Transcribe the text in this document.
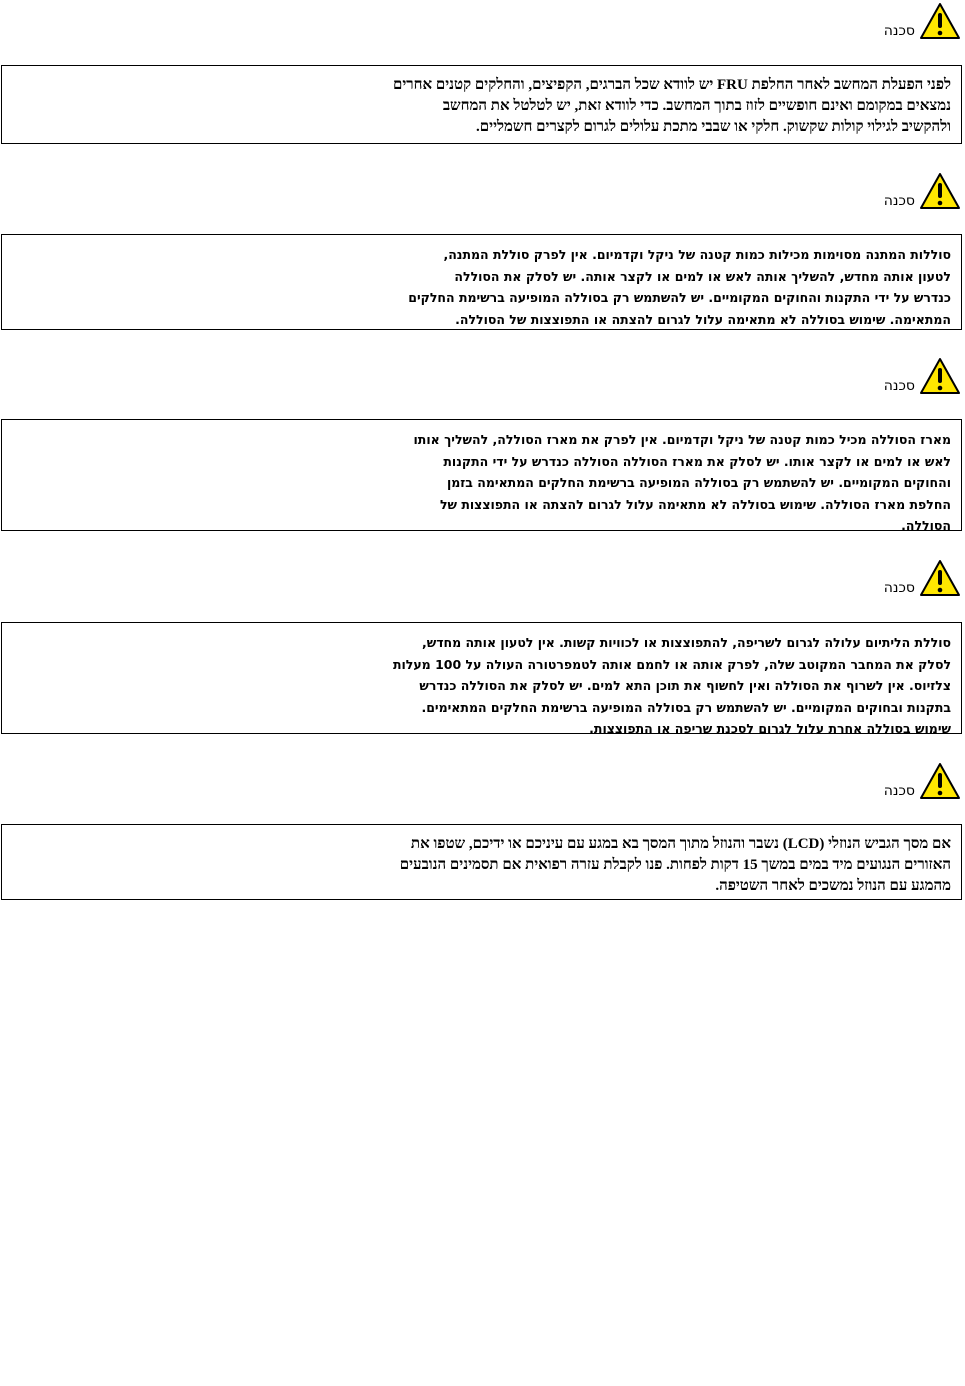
סכנה
לפני הפעלת המחשב לאחר החלפת FRU יש לוודא שכל הברגים, הקפיצים, והחלקים קטנים אחרים
נמצאים במקומם ואינם חופשיים לזוז בתוך המחשב. כדי לוודא זאת, יש לטלטל את המחשב
ולהקשיב לגילוי קולות שקשוק. חלקי או שבבי מתכת עלולים לגרום לקצרים חשמליים.
סכנה
סוללות המתנה מסוימות מכילות כמות קטנה של ניקל וקדמיום. אין לפרק סוללת המתנה,
לטעון אותה מחדש, להשליך אותה לאש או למים או לקצר אותה. יש לסלק את הסוללה
כנדרש על ידי התקנות והחוקים המקומיים. יש להשתמש רק בסוללה המופיעה ברשימת החלקים
המתאימה. שימוש בסוללה לא מתאימה עלול לגרום להצתה או התפוצצות של הסוללה.
סכנה
מארז הסוללה מכיל כמות קטנה של ניקל וקדמיום. אין לפרק את מארז הסוללה, להשליך אותו
לאש או למים או לקצר אותו. יש לסלק את מארז הסוללה הסוללה כנדרש על ידי התקנות
והחוקים המקומיים. יש להשתמש רק בסוללה המופיעה ברשימת החלקים המתאימה בזמן
החלפת מארז הסוללה. שימוש בסוללה לא מתאימה עלול לגרום להצתה או התפוצצות של
הסוללה.
סכנה
סוללת הליתיום עלולה לגרום לשריפה, להתפוצצות או לכוויות קשות. אין לטעון אותה מחדש,
לסלק את המחבר המקוטב שלה, לפרק אותה או לחמם אותה לטמפרטורה העולה על 100 מעלות
צלזיוס. אין לשרוף את הסוללה ואין לחשוף את תוכן התא למים. יש לסלק את הסוללה כנדרש
בתקנות ובחוקים המקומיים. יש להשתמש רק בסוללה המופיעה ברשימת החלקים המתאימים.
שימוש בסוללה אחרת עלול לגרום לסכנת שריפה או התפוצצות.
סכנה
אם מסך הגביש הנוזלי (LCD) נשבר והנוזל מתוך המסך בא במגע עם עיניכם או ידיכם, שטפו את
האזורים הנגועים מיד במים במשך 15 דקות לפחות. פנו לקבלת עזרה רפואית אם תסמינים הנובעים
מהמגע עם הנוזל נמשכים לאחר השטיפה.
